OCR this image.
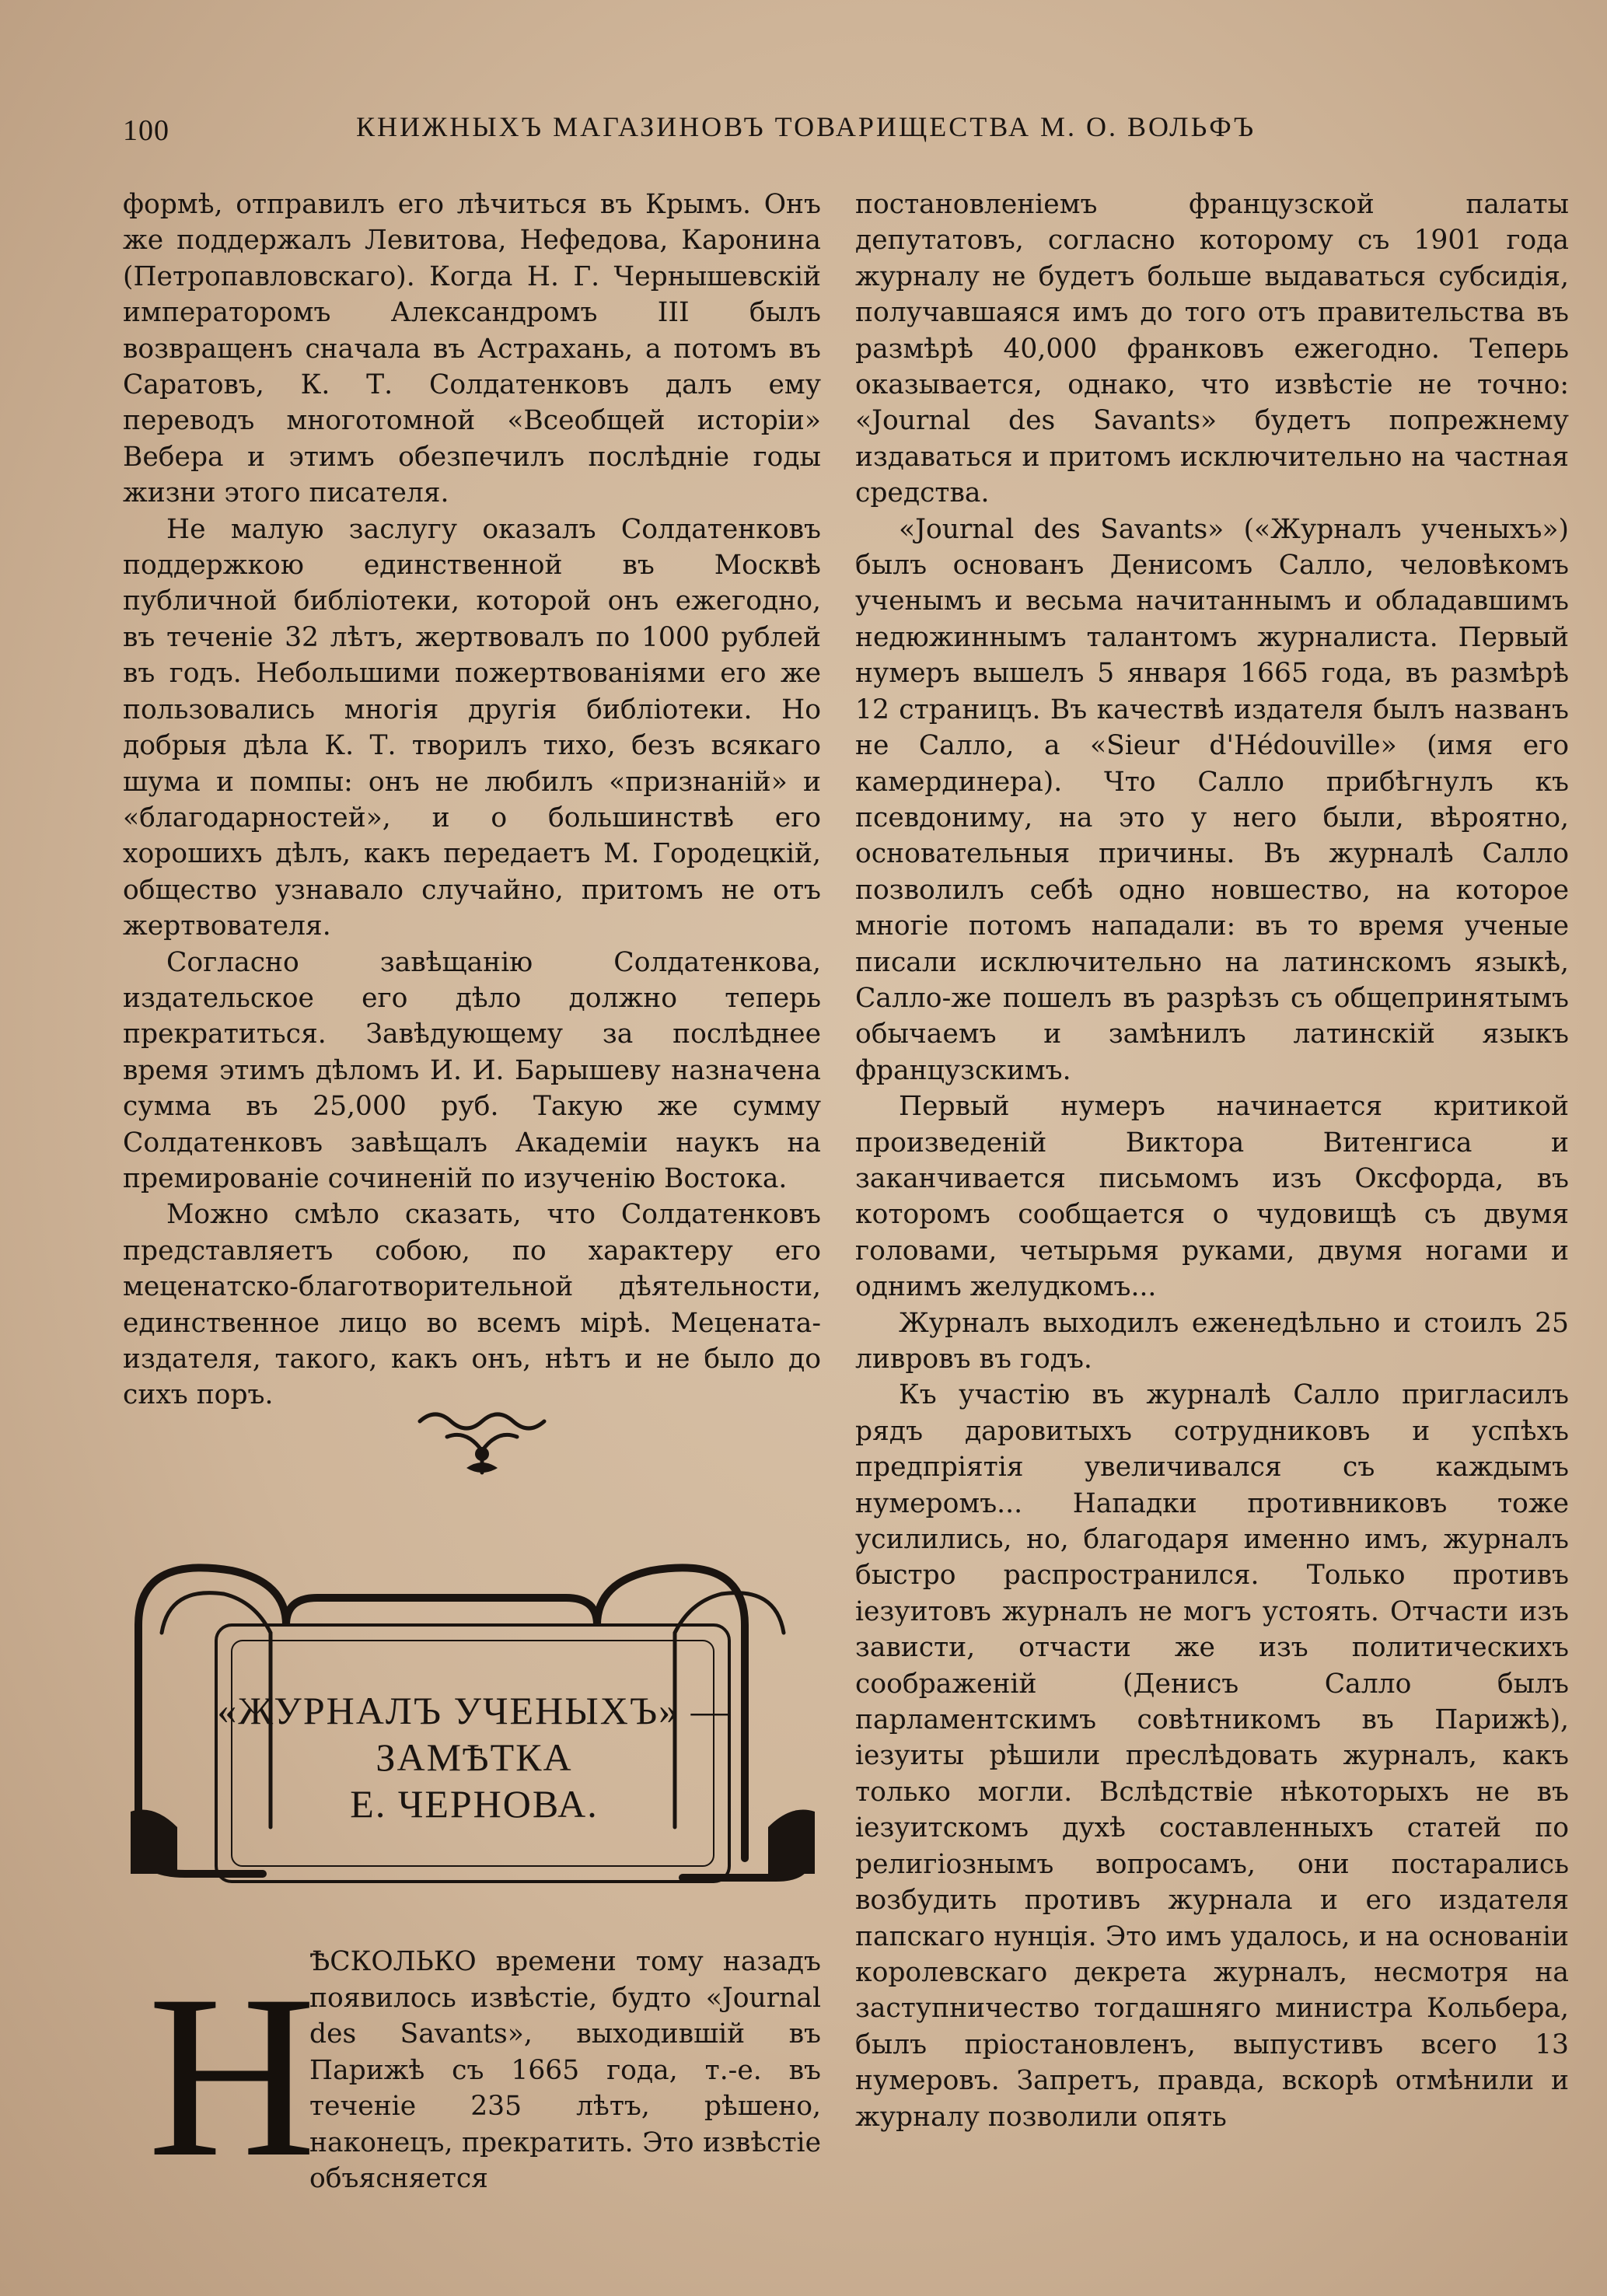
100	КНИЖНЫХЪ МАГАЗИНОВЪ ТОВАРИЩЕСТВА М. О. ВОЛЬФЪ

формѣ, отправилъ его лѣчиться въ Крымъ. Онъ же поддержалъ Левитова, Нефедова, Каронина (Петропавловскаго). Когда Н. Г. Чернышевскій императоромъ Александромъ III былъ возвращенъ сначала въ Астрахань, а потомъ въ Саратовъ, К. Т. Солдатенковъ далъ ему переводъ многотомной «Всеобщей исторіи» Вебера и этимъ обезпечилъ послѣдніе годы жизни этого писателя.

Не малую заслугу оказалъ Солдатенковъ поддержкою единственной въ Москвѣ публичной библіотеки, которой онъ ежегодно, въ теченіе 32 лѣтъ, жертвовалъ по 1000 рублей въ годъ. Небольшими пожертвованіями его же пользовались многія другія библіотеки. Но добрыя дѣла К. Т. творилъ тихо, безъ всякаго шума и помпы: онъ не любилъ «признаній» и «благодарностей», и о большинствѣ его хорошихъ дѣлъ, какъ передаетъ М. Городецкій, общество узнавало случайно, притомъ не отъ жертвователя.

Согласно завѣщанію Солдатенкова, издательское его дѣло должно теперь прекратиться. Завѣдующему за послѣднее время этимъ дѣломъ И. И. Барышеву назначена сумма въ 25,000 руб. Такую же сумму Солдатенковъ завѣщалъ Академіи наукъ на премированіе сочиненій по изученію Востока.

Можно смѣло сказать, что Солдатенковъ представляетъ собою, по характеру его меценатско-благотворительной дѣятельности, единственное лицо во всемъ мірѣ. Мецената-издателя, такого, какъ онъ, нѣтъ и не было до сихъ поръ.

«ЖУРНАЛЪ УЧЕНЫХЪ» —
ЗАМѢТКА
Е. ЧЕРНОВА.
Н
ѢСКОЛЬКО времени тому назадъ появилось извѣстіе, будто «Journal des Savants», выходившій въ Парижѣ съ 1665 года, т.-е. въ теченіе 235 лѣтъ, рѣшено, наконецъ, прекратить. Это извѣстіе объясняется

постановленіемъ французской палаты депутатовъ, согласно которому съ 1901 года журналу не будетъ больше выдаваться субсидія, получавшаяся имъ до того отъ правительства въ размѣрѣ 40,000 франковъ ежегодно. Теперь оказывается, однако, что извѣстіе не точно: «Journal des Savants» будетъ попрежнему издаваться и притомъ исключительно на частная средства.

«Journal des Savants» («Журналъ ученыхъ») былъ основанъ Денисомъ Салло, человѣкомъ ученымъ и весьма начитаннымъ и обладавшимъ недюжиннымъ талантомъ журналиста. Первый нумеръ вышелъ 5 января 1665 года, въ размѣрѣ 12 страницъ. Въ качествѣ издателя былъ названъ не Салло, а «Sieur d'Hédouville» (имя его камердинера). Что Салло прибѣгнулъ къ псевдониму, на это у него были, вѣроятно, основательныя причины. Въ журналѣ Салло позволилъ себѣ одно новшество, на которое многіе потомъ нападали: въ то время ученые писали исключительно на латинскомъ языкѣ, Салло-же пошелъ въ разрѣзъ съ общепринятымъ обычаемъ и замѣнилъ латинскій языкъ французскимъ.

Первый нумеръ начинается критикой произведеній Виктора Витенгиса и заканчивается письмомъ изъ Оксфорда, въ которомъ сообщается о чудовищѣ съ двумя головами, четырьмя руками, двумя ногами и однимъ желудкомъ...

Журналъ выходилъ еженедѣльно и стоилъ 25 ливровъ въ годъ.

Къ участію въ журналѣ Салло пригласилъ рядъ даровитыхъ сотрудниковъ и успѣхъ предпріятія увеличивался съ каждымъ нумеромъ... Нападки противниковъ тоже усилились, но, благодаря именно имъ, журналъ быстро распространился. Только противъ іезуитовъ журналъ не могъ устоять. Отчасти изъ зависти, отчасти же изъ политическихъ соображеній (Денисъ Салло былъ парламентскимъ совѣтникомъ въ Парижѣ), іезуиты рѣшили преслѣдовать журналъ, какъ только могли. Вслѣдствіе нѣкоторыхъ не въ іезуитскомъ духѣ составленныхъ статей по религіознымъ вопросамъ, они постарались возбудить противъ журнала и его издателя папскаго нунція. Это имъ удалось, и на основаніи королевскаго декрета журналъ, несмотря на заступничество тогдашняго министра Кольбера, былъ пріостановленъ, выпустивъ всего 13 нумеровъ. Запретъ, правда, вскорѣ отмѣнили и журналу позволили опять
